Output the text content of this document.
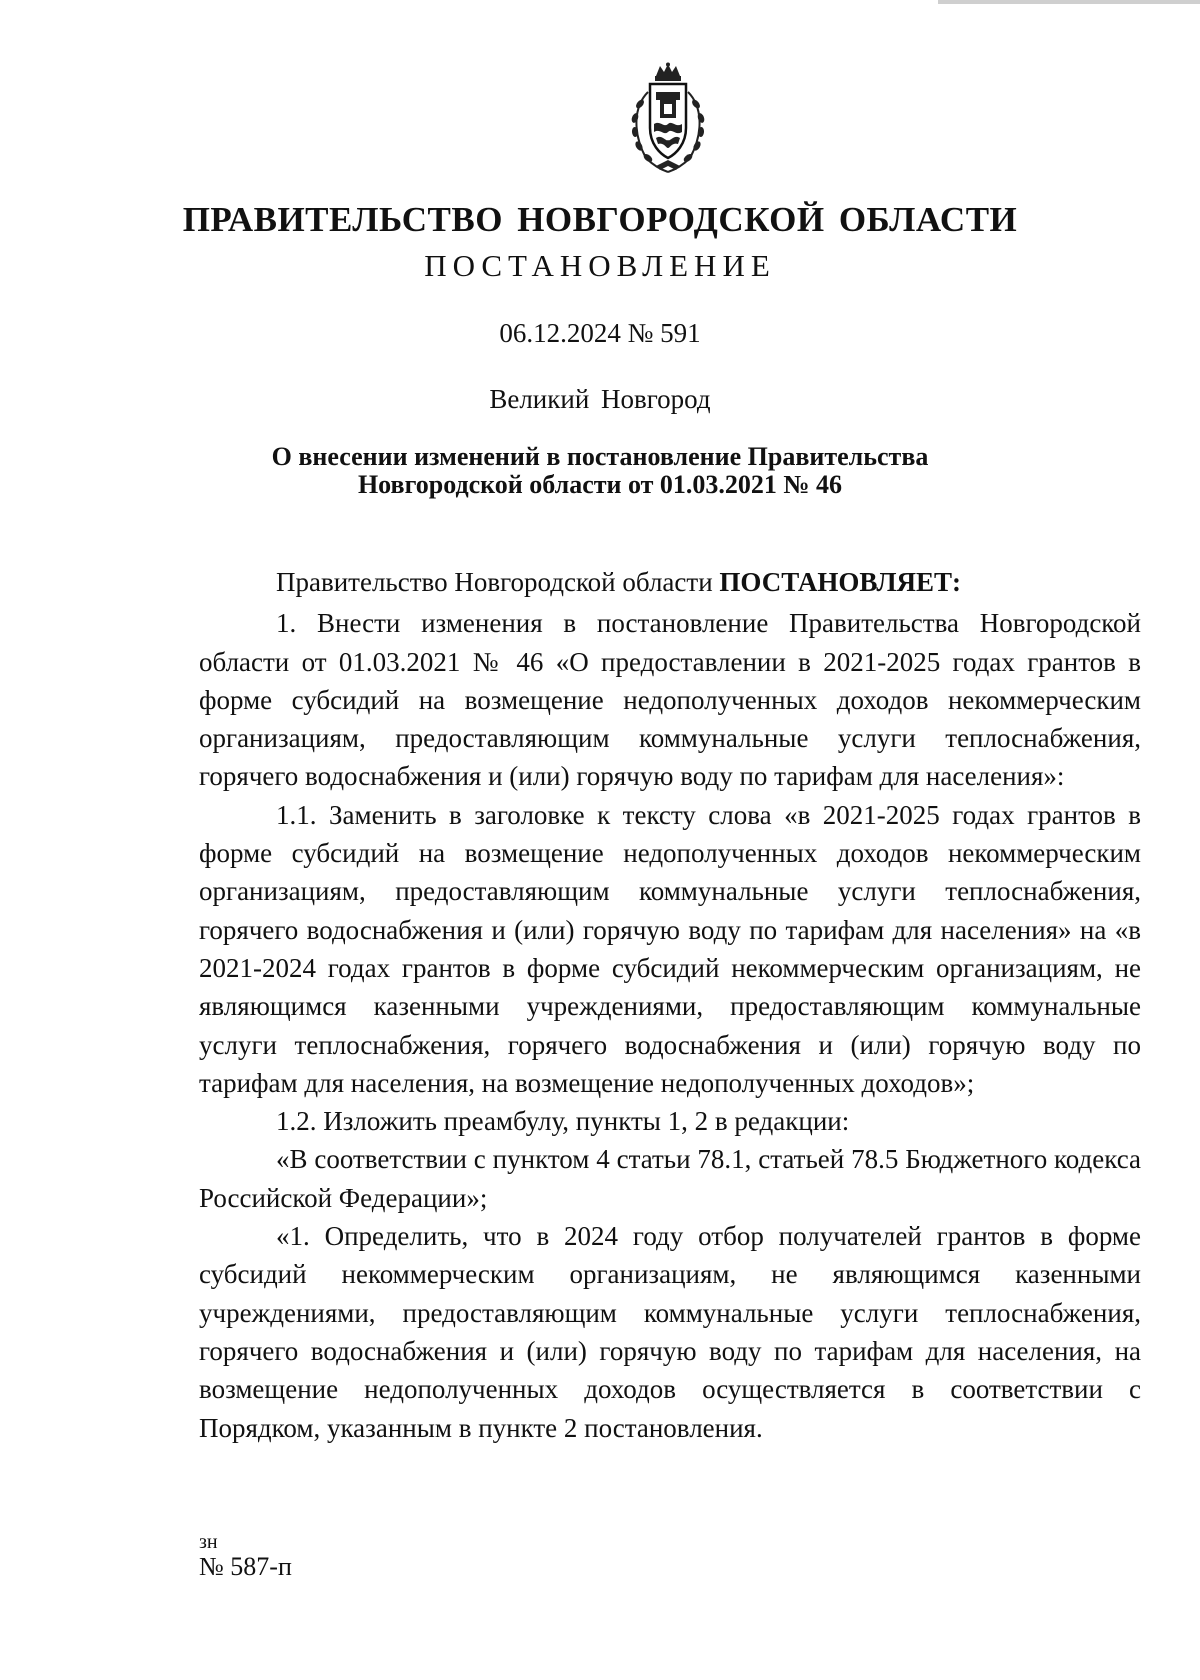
ПРАВИТЕЛЬСТВО НОВГОРОДСКОЙ ОБЛАСТИ
ПОСТАНОВЛЕНИЕ
06.12.2024 № 591
Великий Новгород
О внесении изменений в постановление Правительства
Новгородской области от 01.03.2021 № 46

Правительство Новгородской области ПОСТАНОВЛЯЕТ:

1. Внести изменения в постановление Правительства Новгородской области от 01.03.2021 № 46 «О предоставлении в 2021-2025 годах грантов в форме субсидий на возмещение недополученных доходов некоммерческим организациям, предоставляющим коммунальные услуги теплоснабжения, горячего водоснабжения и (или) горячую воду по тарифам для населения»:

1.1. Заменить в заголовке к тексту слова «в 2021-2025 годах грантов в форме субсидий на возмещение недополученных доходов некоммерческим организациям, предоставляющим коммунальные услуги теплоснабжения, горячего водоснабжения и (или) горячую воду по тарифам для населения» на «в 2021-2024 годах грантов в форме субсидий некоммерческим организациям, не являющимся казенными учреждениями, предоставляющим коммунальные услуги теплоснабжения, горячего водоснабжения и (или) горячую воду по тарифам для населения, на возмещение недополученных доходов»;

1.2. Изложить преамбулу, пункты 1, 2 в редакции:

«В соответствии с пунктом 4 статьи 78.1, статьей 78.5 Бюджетного кодекса Российской Федерации»;

«1. Определить, что в 2024 году отбор получателей грантов в форме субсидий некоммерческим организациям, не являющимся казенными учреждениями, предоставляющим коммунальные услуги теплоснабжения, горячего водоснабжения и (или) горячую воду по тарифам для населения, на возмещение недополученных доходов осуществляется в соответствии с Порядком, указанным в пункте 2 постановления.

зн
№ 587-п
